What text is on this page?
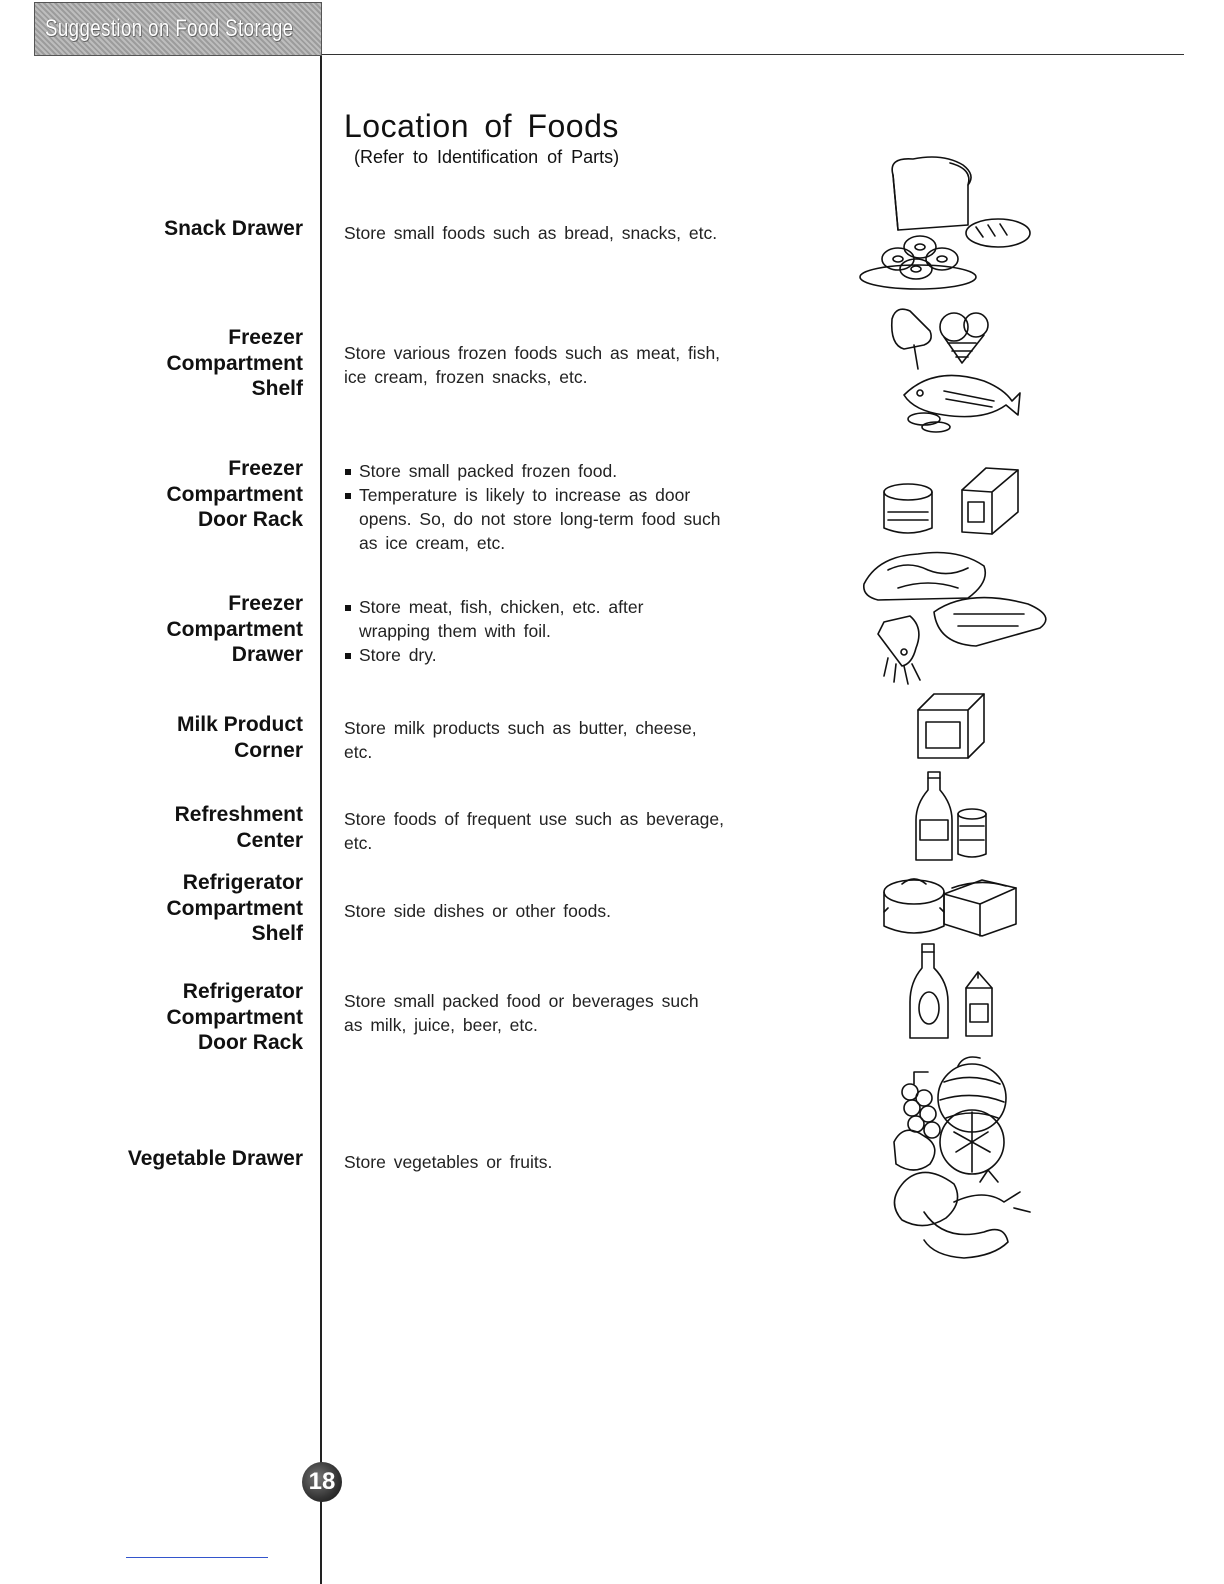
Suggestion on Food Storage
Location of Foods
(Refer to Identification of Parts)
Snack Drawer Store small foods such as bread, snacks, etc.
Freezer
Compartment
Shelf
Store various frozen foods such as meat, fish,
ice cream, frozen snacks, etc.
Freezer
Compartment
Door Rack
Store small packed frozen food.
Temperature is likely to increase as door opens. So, do not store long-term food such as ice cream, etc.
Freezer
Compartment
Drawer
Store meat, fish, chicken, etc. after wrapping them with foil.
Store dry.
Milk Product
Corner
Store milk products such as butter, cheese,
etc.
Refreshment
Center
Store foods of frequent use such as beverage,
etc.
Refrigerator
Compartment
Shelf
Store side dishes or other foods.
Refrigerator
Compartment
Door Rack
Store small packed food or beverages such
as milk, juice, beer, etc.
Vegetable Drawer Store vegetables or fruits.
18
